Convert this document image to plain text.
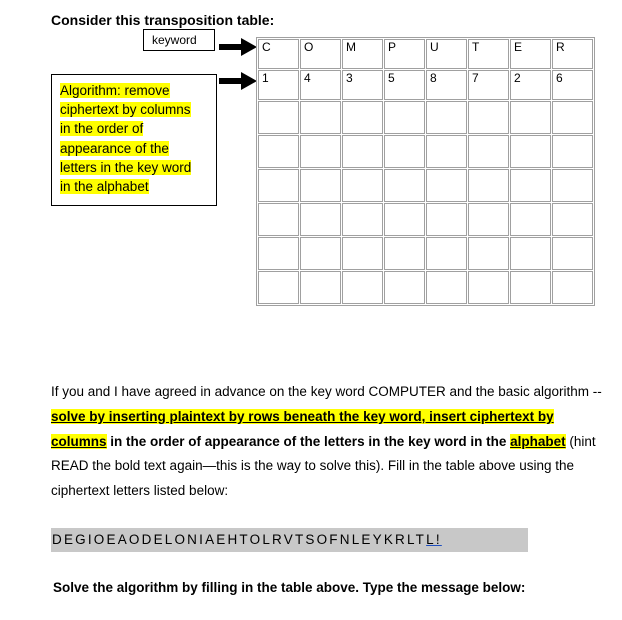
Consider this transposition table:
keyword
Algorithm: remove
ciphertext by columns
in the order of
appearance of the
letters in the key word
in the alphabet
C	O	M	P	U	T	E	R
1	4	3	5	8	7	2	6

If you and I have agreed in advance on the key word COMPUTER and the basic algorithm -- solve by inserting plaintext by rows beneath the key word, insert ciphertext by columns in the order of appearance of the letters in the key word in the alphabet (hint READ the bold text again—this is the way to solve this). Fill in the table above using the ciphertext letters listed below:
DEGIOEAODELONIAEHTOLRVTSOFNLEYKRLTL!
Solve the algorithm by filling in the table above. Type the message below:
